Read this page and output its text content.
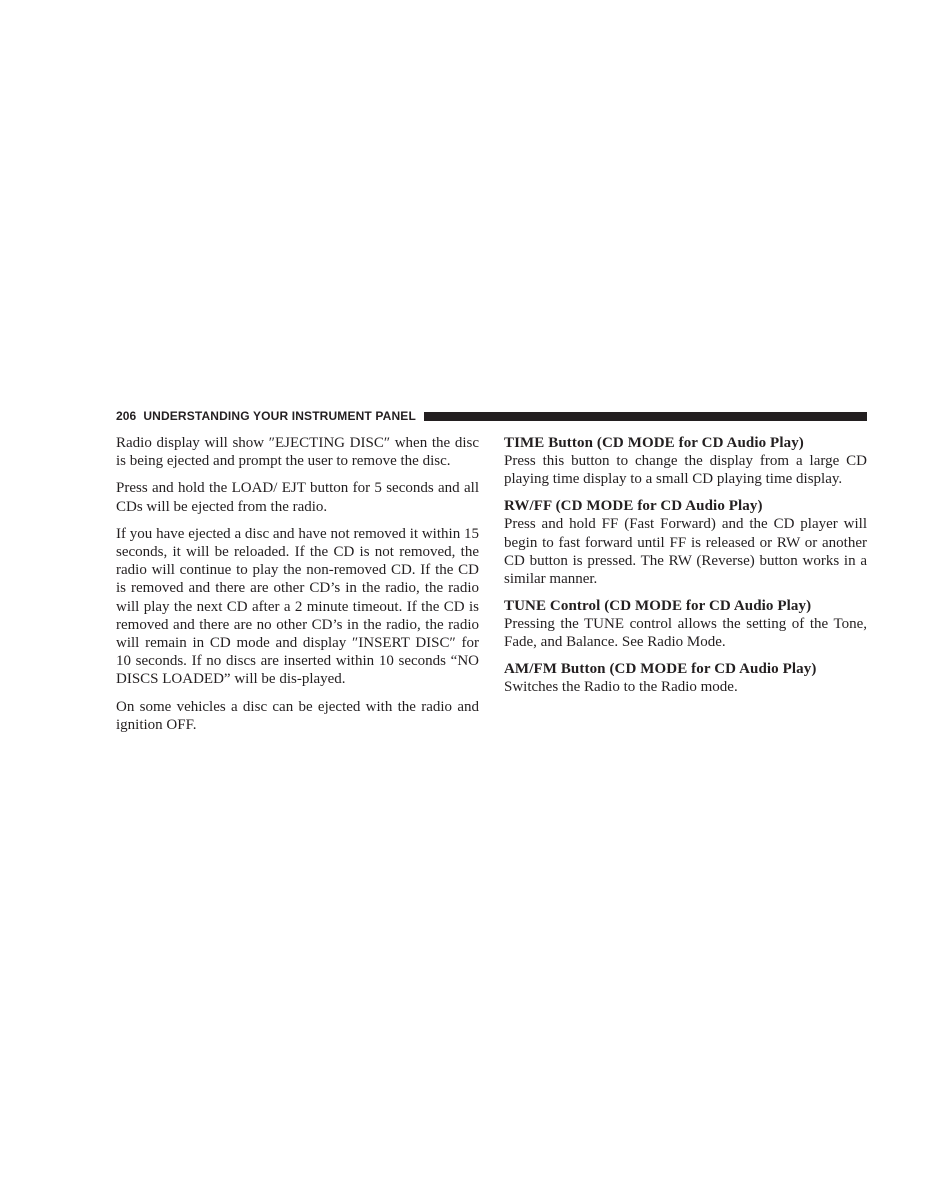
206 UNDERSTANDING YOUR INSTRUMENT PANEL

Radio display will show ″EJECTING DISC″ when the disc is being ejected and prompt the user to remove the disc.

Press and hold the LOAD/ EJT button for 5 seconds and all CDs will be ejected from the radio.

If you have ejected a disc and have not removed it within 15 seconds, it will be reloaded. If the CD is not removed, the radio will continue to play the non-removed CD. If the CD is removed and there are other CD’s in the radio, the radio will play the next CD after a 2 minute timeout. If the CD is removed and there are no other CD’s in the radio, the radio will remain in CD mode and display ″INSERT DISC″ for 10 seconds. If no discs are inserted within 10 seconds “NO DISCS LOADED” will be dis-played.

On some vehicles a disc can be ejected with the radio and ignition OFF.

TIME Button (CD MODE for CD Audio Play)

Press this button to change the display from a large CD playing time display to a small CD playing time display.

RW/FF (CD MODE for CD Audio Play)

Press and hold FF (Fast Forward) and the CD player will begin to fast forward until FF is released or RW or another CD button is pressed. The RW (Reverse) button works in a similar manner.

TUNE Control (CD MODE for CD Audio Play)

Pressing the TUNE control allows the setting of the Tone, Fade, and Balance. See Radio Mode.

AM/FM Button (CD MODE for CD Audio Play)

Switches the Radio to the Radio mode.
